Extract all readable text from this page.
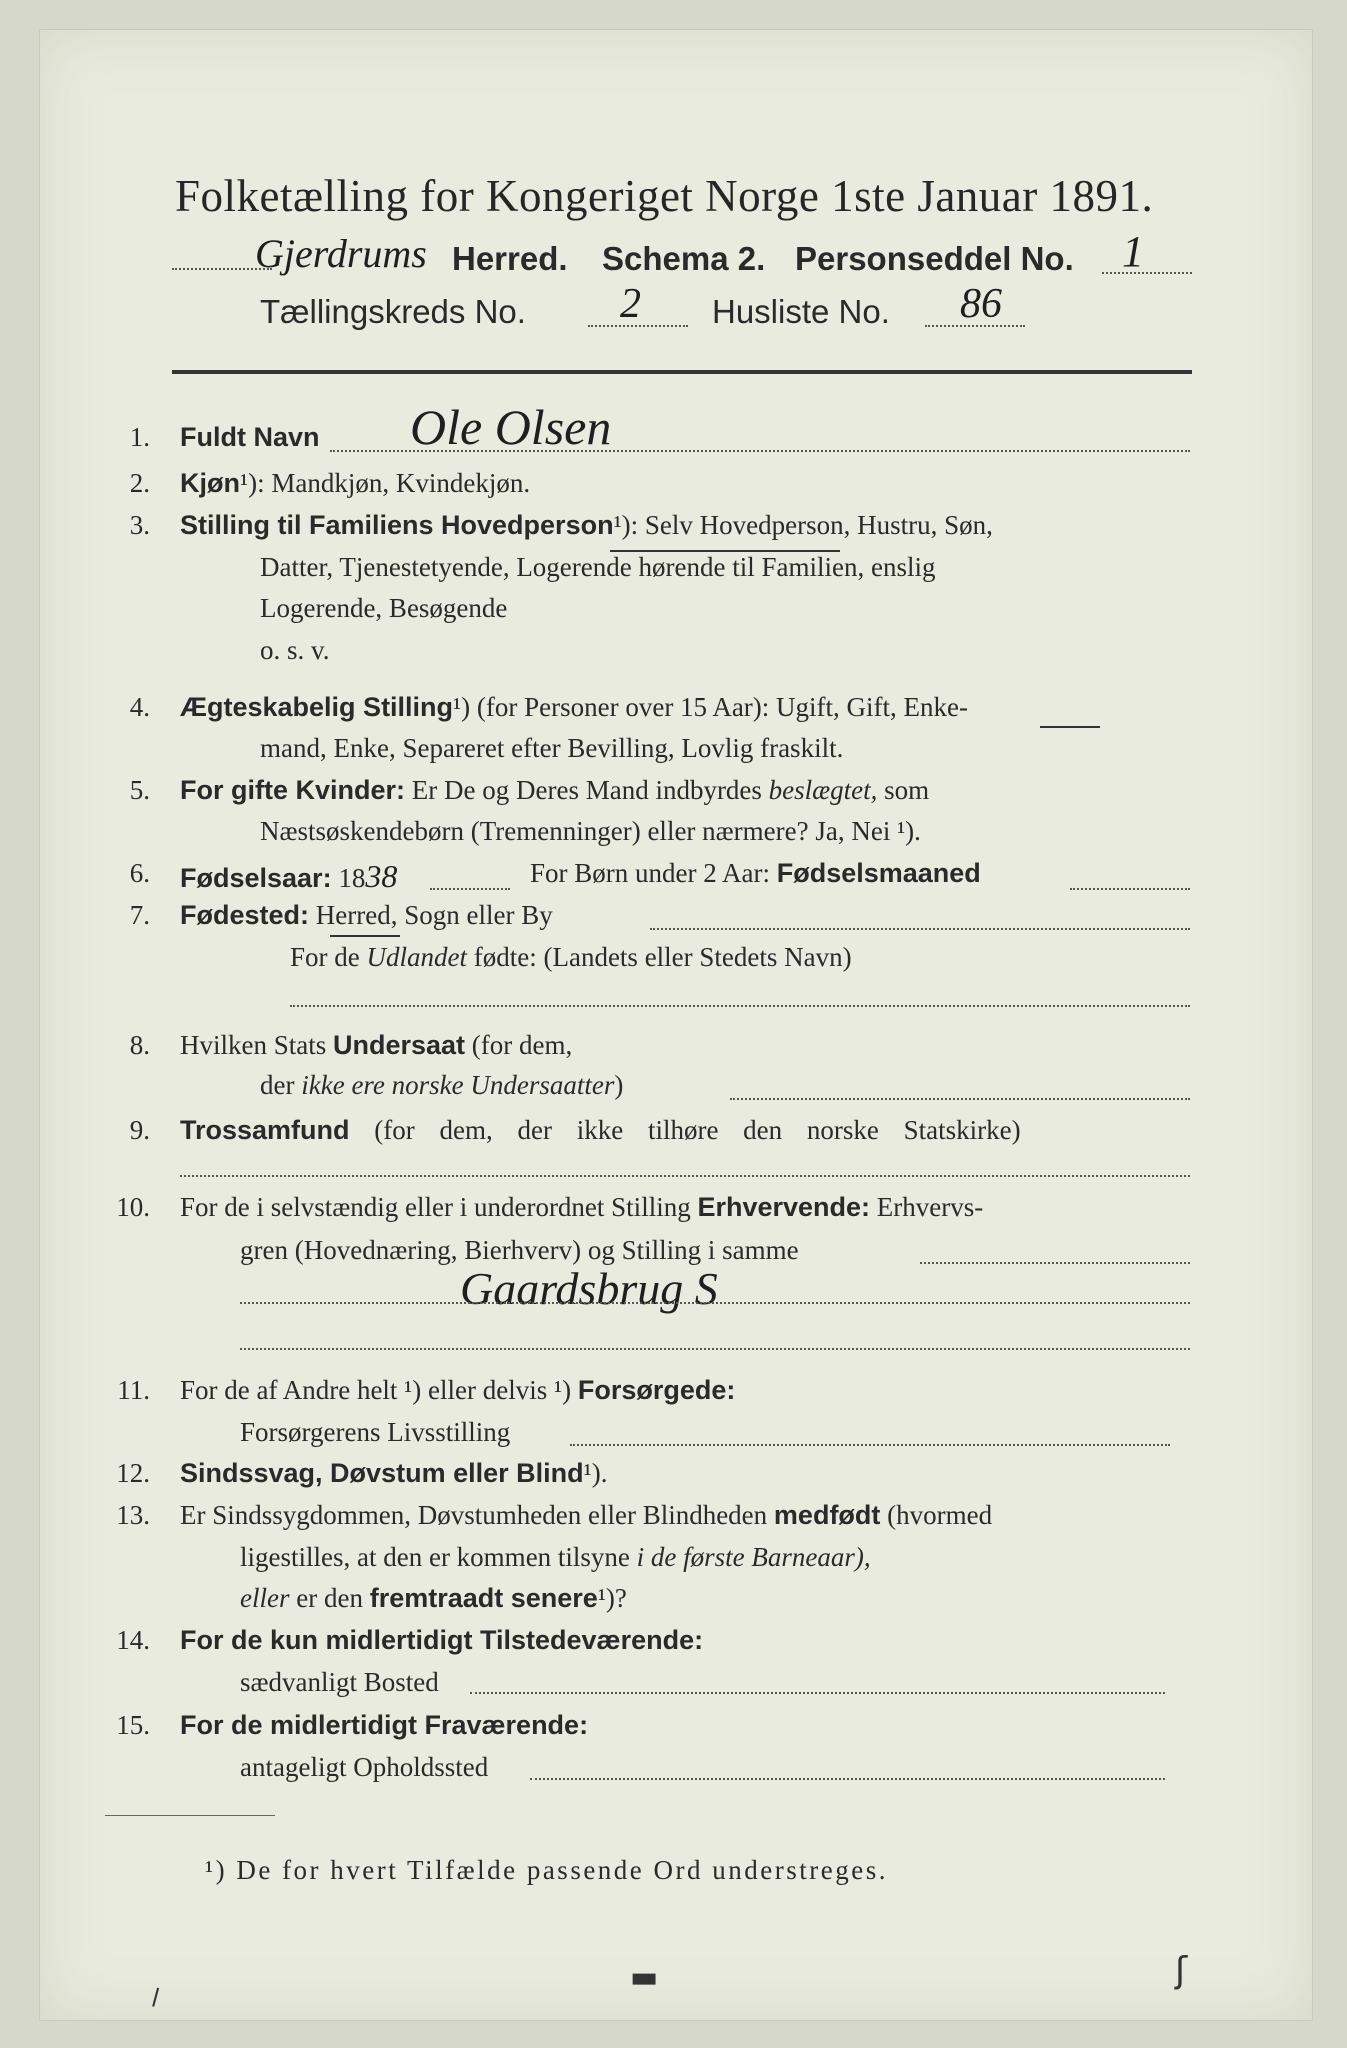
Folketælling for Kongeriget Norge 1ste Januar 1891.
Gjerdrums Herred. Schema 2. Personseddel No. 1
Tællingskreds No. 2 Husliste No. 86
1. Fuldt Navn Ole Olsen
2. Kjøn¹): Mandkjøn, Kvindekjøn.
3. Stilling til Familiens Hovedperson¹): Selv Hovedperson, Hustru, Søn,
Datter, Tjenestetyende, Logerende hørende til Familien, enslig
Logerende, Besøgende
o. s. v.
4. Ægteskabelig Stilling¹) (for Personer over 15 Aar): Ugift, Gift, Enke-
mand, Enke, Separeret efter Bevilling, Lovlig fraskilt.
5. For gifte Kvinder: Er De og Deres Mand indbyrdes beslægtet, som
Næstsøskendebørn (Tremenninger) eller nærmere? Ja, Nei ¹).
6. Fødselsaar: 1838	For Børn under 2 Aar: Fødselsmaaned
7. Fødested: Herred, Sogn eller By
For de Udlandet fødte: (Landets eller Stedets Navn)
8. Hvilken Stats Undersaat (for dem,
der ikke ere norske Undersaatter)
9. Trossamfund (for dem, der ikke tilhøre den norske Statskirke)
10. For de i selvstændig eller i underordnet Stilling Erhvervende: Erhvervs-
gren (Hovednæring, Bierhverv) og Stilling i samme
Gaardsbrug S
11. For de af Andre helt ¹) eller delvis ¹) Forsørgede:
Forsørgerens Livsstilling
12. Sindssvag, Døvstum eller Blind¹).
13. Er Sindssygdommen, Døvstumheden eller Blindheden medfødt (hvormed
ligestilles, at den er kommen tilsyne i de første Barneaar),
eller er den fremtraadt senere¹)?
14. For de kun midlertidigt Tilstedeværende:
sædvanligt Bosted
15. For de midlertidigt Fraværende:
antageligt Opholdssted
¹) De for hvert Tilfælde passende Ord understreges.
⸝	▬	ʃ
